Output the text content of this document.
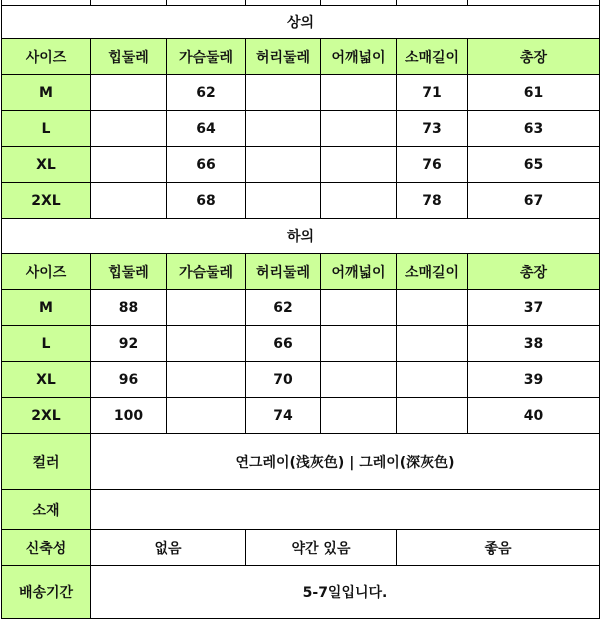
상의						
사이즈	힙둘레	가슴둘레	허리둘레	어깨넓이	소매길이	총장
M		62			71	61
L		64			73	63
XL		66			76	65
2XL		68			78	67
하의						
사이즈	힙둘레	가슴둘레	허리둘레	어깨넓이	소매길이	총장
M	88		62			37
L	92		66			38
XL	96		70			39
2XL	100		74			40
컬러	연그레이(浅灰色) | 그레이(深灰色)					
소재						
신축성	없음		약간 있음		좋음	
배송기간	5-7일입니다.					
